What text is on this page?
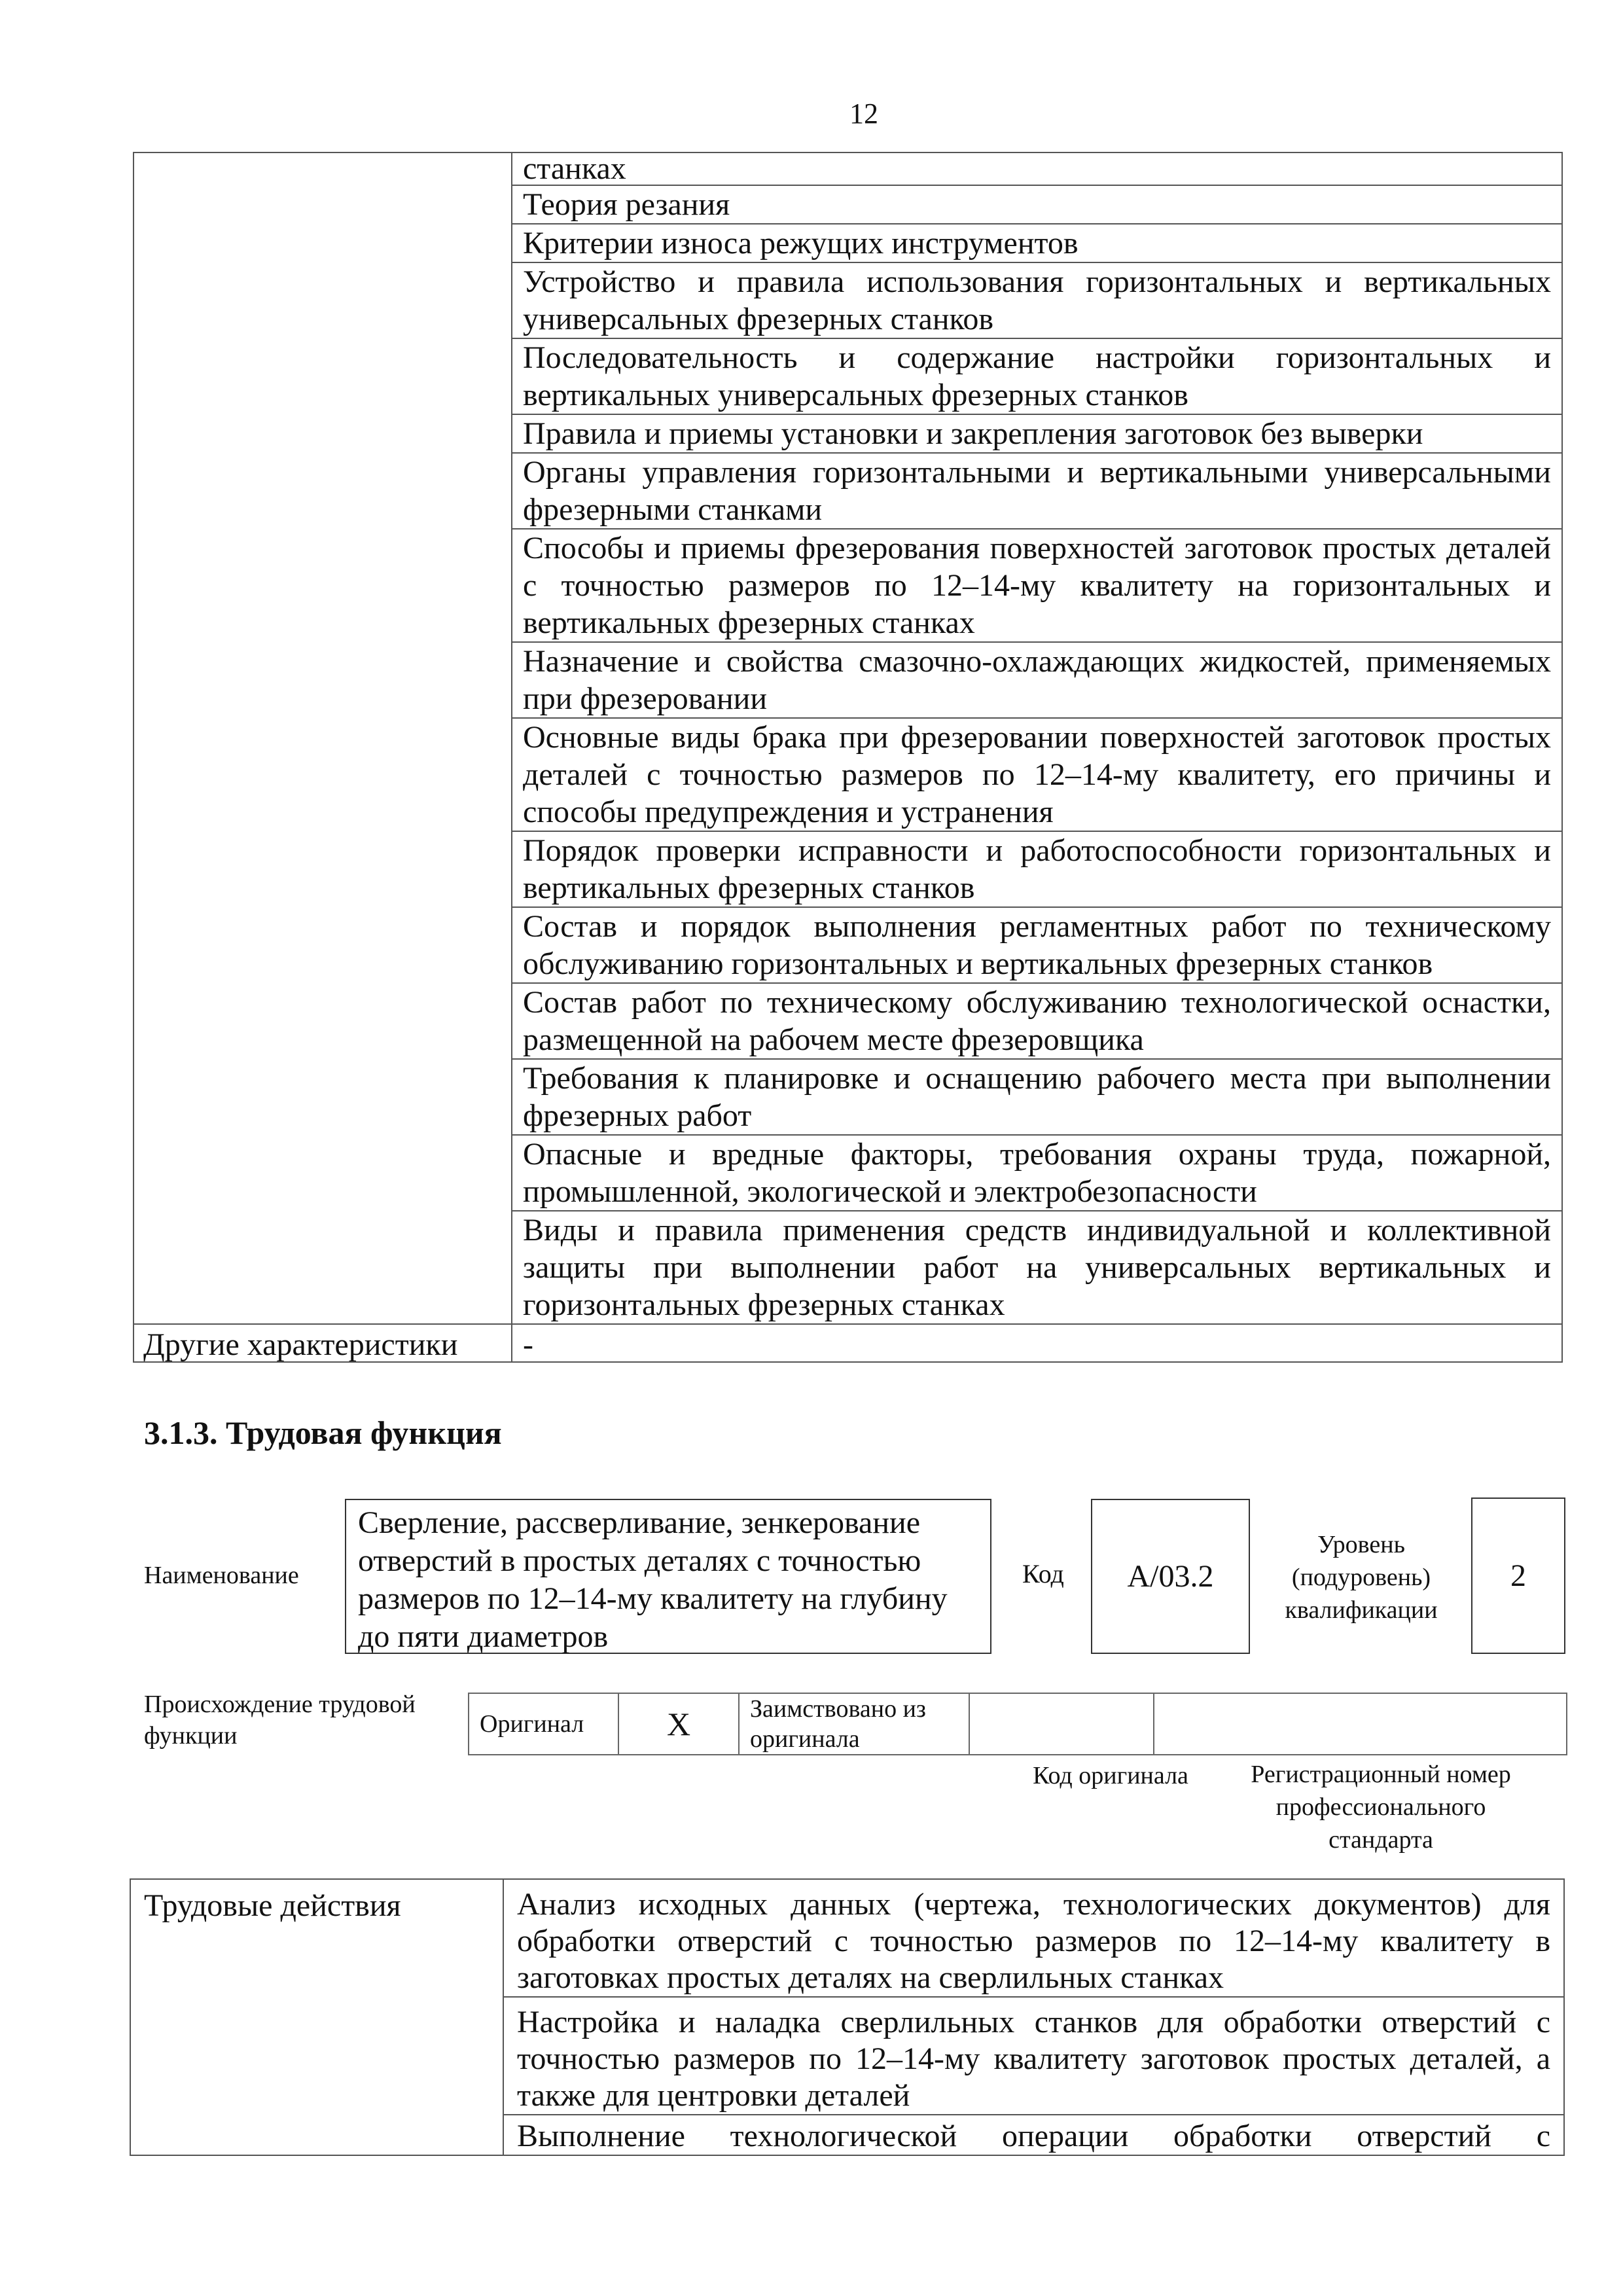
12
	станках
	Теория резания
	Критерии износа режущих инструментов
	Устройство и правила использования горизонтальных и вертикальных универсальных фрезерных станков
	Последовательность и содержание настройки горизонтальных и вертикальных универсальных фрезерных станков
	Правила и приемы установки и закрепления заготовок без выверки
	Органы управления горизонтальными и вертикальными универсальными фрезерными станками
	Способы и приемы фрезерования поверхностей заготовок простых деталей с точностью размеров по 12–14-му квалитету на горизонтальных и вертикальных фрезерных станках
	Назначение и свойства смазочно-охлаждающих жидкостей, применяемых при фрезеровании
	Основные виды брака при фрезеровании поверхностей заготовок простых деталей с точностью размеров по 12–14-му квалитету, его причины и способы предупреждения и устранения
	Порядок проверки исправности и работоспособности горизонтальных и вертикальных фрезерных станков
	Состав и порядок выполнения регламентных работ по техническому обслуживанию горизонтальных и вертикальных фрезерных станков
	Состав работ по техническому обслуживанию технологической оснастки, размещенной на рабочем месте фрезеровщика
	Требования к планировке и оснащению рабочего места при выполнении фрезерных работ
	Опасные и вредные факторы, требования охраны труда, пожарной, промышленной, экологической и электробезопасности
	Виды и правила применения средств индивидуальной и коллективной защиты при выполнении работ на универсальных вертикальных и горизонтальных фрезерных станках
Другие характеристики	-
3.1.3. Трудовая функция
Наименование
Сверление, рассверливание, зенкерование отверстий в простых деталях с точностью размеров по 12–14-му квалитету на глубину до пяти диаметров
Код	А/03.2
Уровень (подуровень) квалификации
2
Происхождение трудовой функции	Оригинал	X	Заимствовано из оригинала		
Код оригинала	Регистрационный номер профессионального стандарта
Трудовые действия	Анализ исходных данных (чертежа, технологических документов) для обработки отверстий с точностью размеров по 12–14-му квалитету в заготовках простых деталях на сверлильных станках
Настройка и наладка сверлильных станков для обработки отверстий с точностью размеров по 12–14-му квалитету заготовок простых деталей, а также для центровки деталей
Выполнение технологической операции обработки отверстий с
